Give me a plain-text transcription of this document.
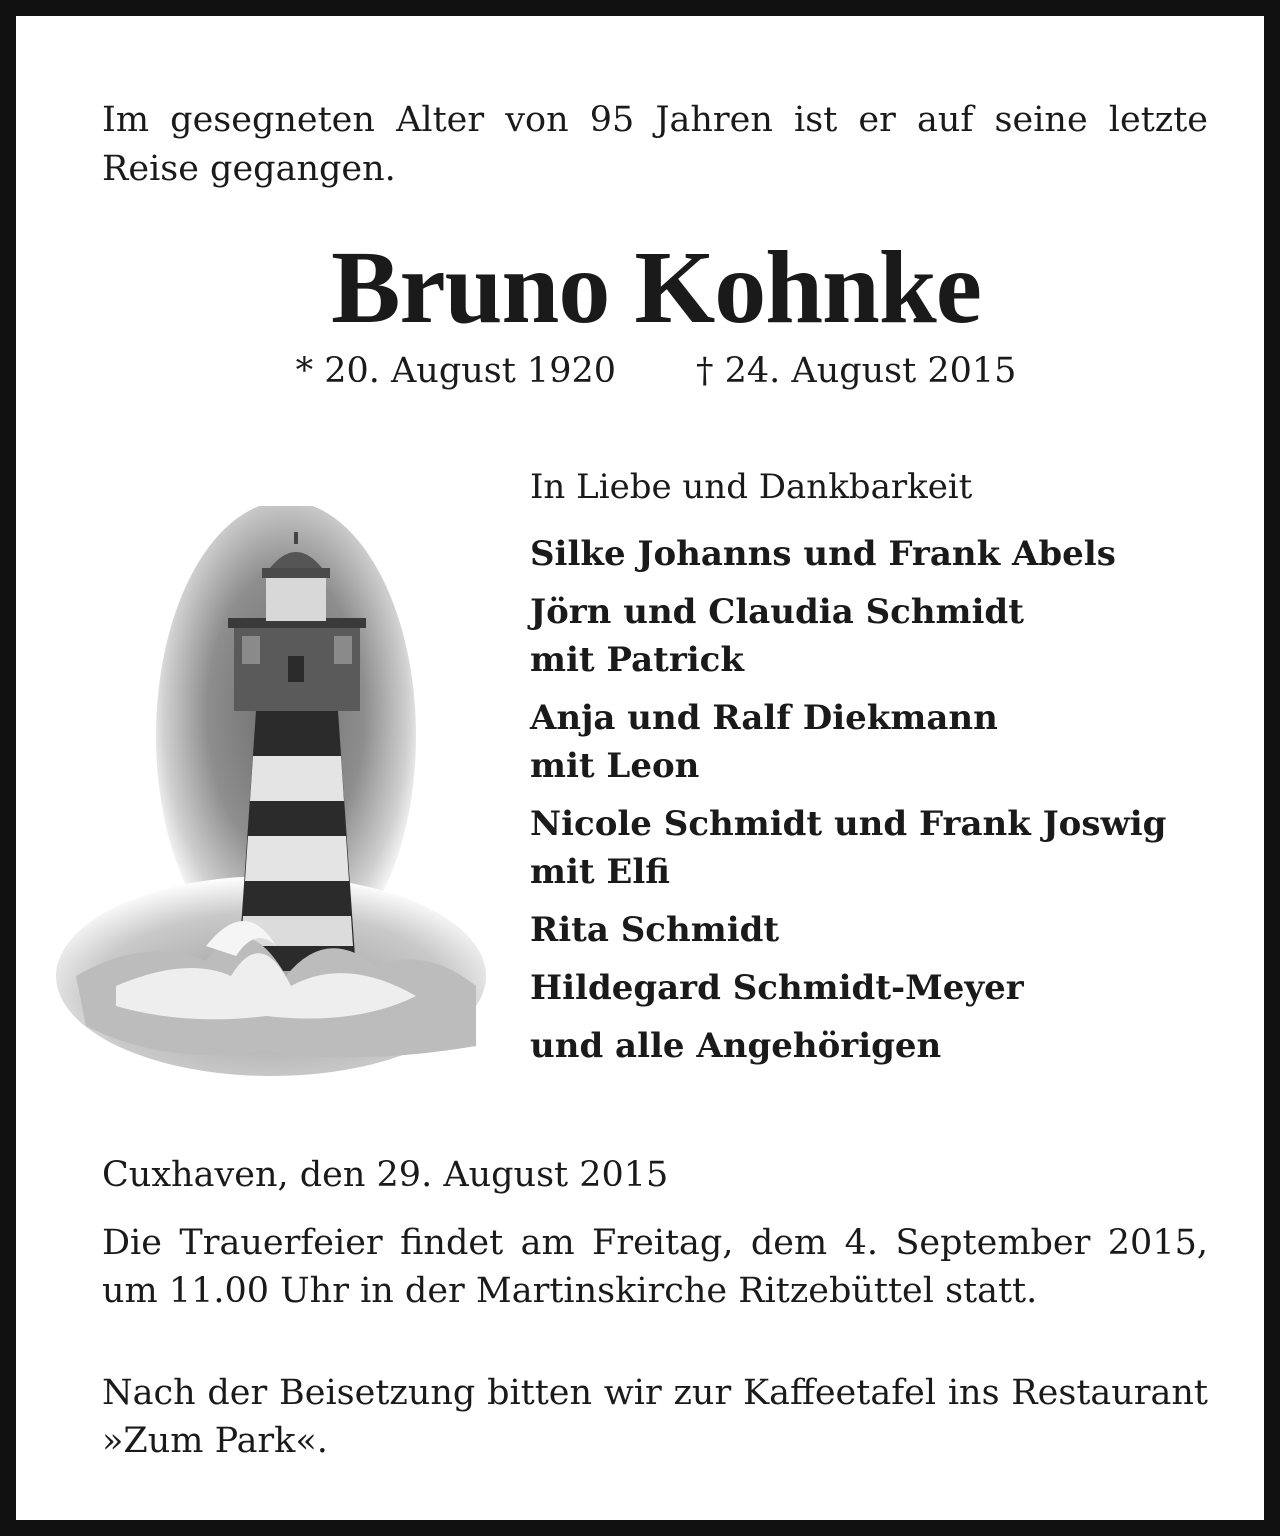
Im gesegneten Alter von 95 Jahren ist er auf seine letzte Reise gegangen.
Bruno Kohnke
* 20. August 1920 † 24. August 2015
In Liebe und Dankbarkeit
Silke Johanns und Frank Abels
Jörn und Claudia Schmidt
mit Patrick
Anja und Ralf Diekmann
mit Leon
Nicole Schmidt und Frank Joswig
mit Elfi
Rita Schmidt
Hildegard Schmidt-Meyer
und alle Angehörigen
Cuxhaven, den 29. August 2015
Die Trauerfeier findet am Freitag, dem 4. September 2015, um 11.00 Uhr in der Martinskirche Ritzebüttel statt.
Nach der Beisetzung bitten wir zur Kaffeetafel ins Restaurant »Zum Park«.
